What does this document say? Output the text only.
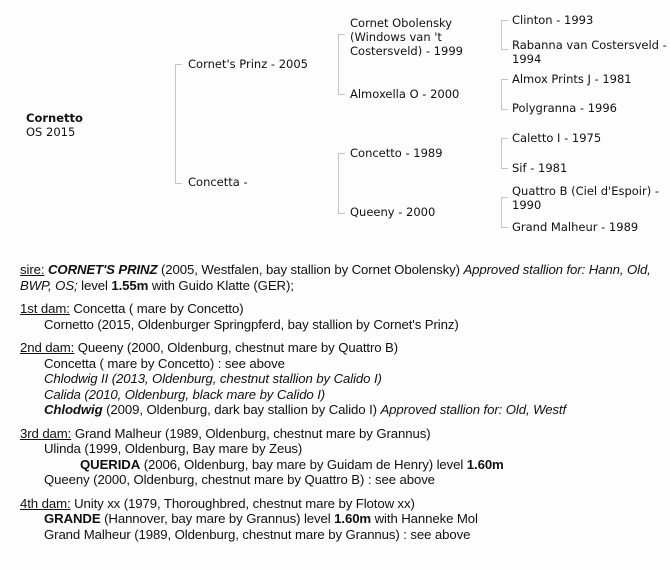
Cornetto
OS 2015
Cornet's Prinz - 2005
Concetta -
Cornet Obolensky
(Windows van 't
Costersveld) - 1999
Almoxella O - 2000
Concetto - 1989
Queeny - 2000
Clinton - 1993
Rabanna van Costersveld -
1994
Almox Prints J - 1981
Polygranna - 1996
Caletto I - 1975
Sif - 1981
Quattro B (Ciel d'Espoir) -
1990
Grand Malheur - 1989
sire: CORNET'S PRINZ (2005, Westfalen, bay stallion by Cornet Obolensky) Approved stallion for: Hann, Old, BWP, OS; level 1.55m with Guido Klatte (GER);
1st dam: Concetta ( mare by Concetto)
Cornetto (2015, Oldenburger Springpferd, bay stallion by Cornet's Prinz)
2nd dam: Queeny (2000, Oldenburg, chestnut mare by Quattro B)
Concetta ( mare by Concetto) : see above
Chlodwig II (2013, Oldenburg, chestnut stallion by Calido I)
Calida (2010, Oldenburg, black mare by Calido I)
Chlodwig (2009, Oldenburg, dark bay stallion by Calido I) Approved stallion for: Old, Westf
3rd dam: Grand Malheur (1989, Oldenburg, chestnut mare by Grannus)
Ulinda (1999, Oldenburg, Bay mare by Zeus)
QUERIDA (2006, Oldenburg, bay mare by Guidam de Henry) level 1.60m
Queeny (2000, Oldenburg, chestnut mare by Quattro B) : see above
4th dam: Unity xx (1979, Thoroughbred, chestnut mare by Flotow xx)
GRANDE (Hannover, bay mare by Grannus) level 1.60m with Hanneke Mol
Grand Malheur (1989, Oldenburg, chestnut mare by Grannus) : see above
